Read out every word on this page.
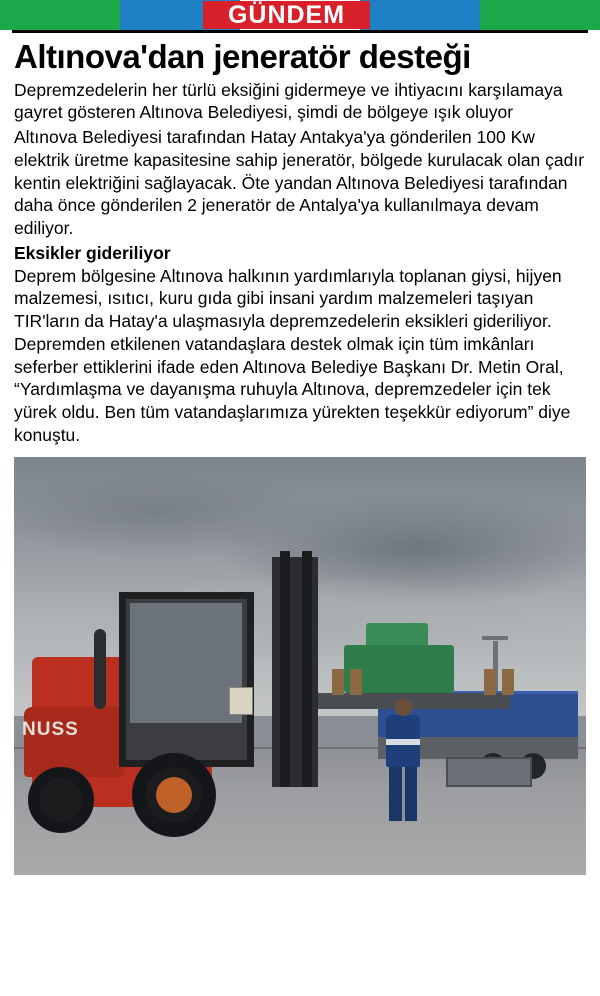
GÜNDEM
Altınova'dan jeneratör desteği

Depremzedelerin her türlü eksiğini gidermeye ve ihtiyacını karşılamaya gayret gösteren Altınova Belediyesi, şimdi de bölgeye ışık oluyor

Altınova Belediyesi tarafından Hatay Antakya'ya gönderilen 100 Kw elektrik üretme kapasitesine sahip jeneratör, bölgede kurulacak olan çadır kentin elektriğini sağlayacak. Öte yandan Altınova Belediyesi tarafından daha önce gönderilen 2 jeneratör de Antalya'ya kullanılmaya devam ediliyor.

Eksikler gideriliyor

Deprem bölgesine Altınova halkının yardımlarıyla toplanan giysi, hijyen malzemesi, ısıtıcı, kuru gıda gibi insani yardım malzemeleri taşıyan TIR'ların da Hatay'a ulaşmasıyla depremzedelerin eksikleri gideriliyor. Depremden etkilenen vatandaşlara destek olmak için tüm imkânları seferber ettiklerini ifade eden Altınova Belediye Başkanı Dr. Metin Oral, “Yardımlaşma ve dayanışma ruhuyla Altınova, depremzedeler için tek yürek oldu. Ben tüm vatandaşlarımıza yürekten teşekkür ediyorum” diye konuştu.

NUSS
